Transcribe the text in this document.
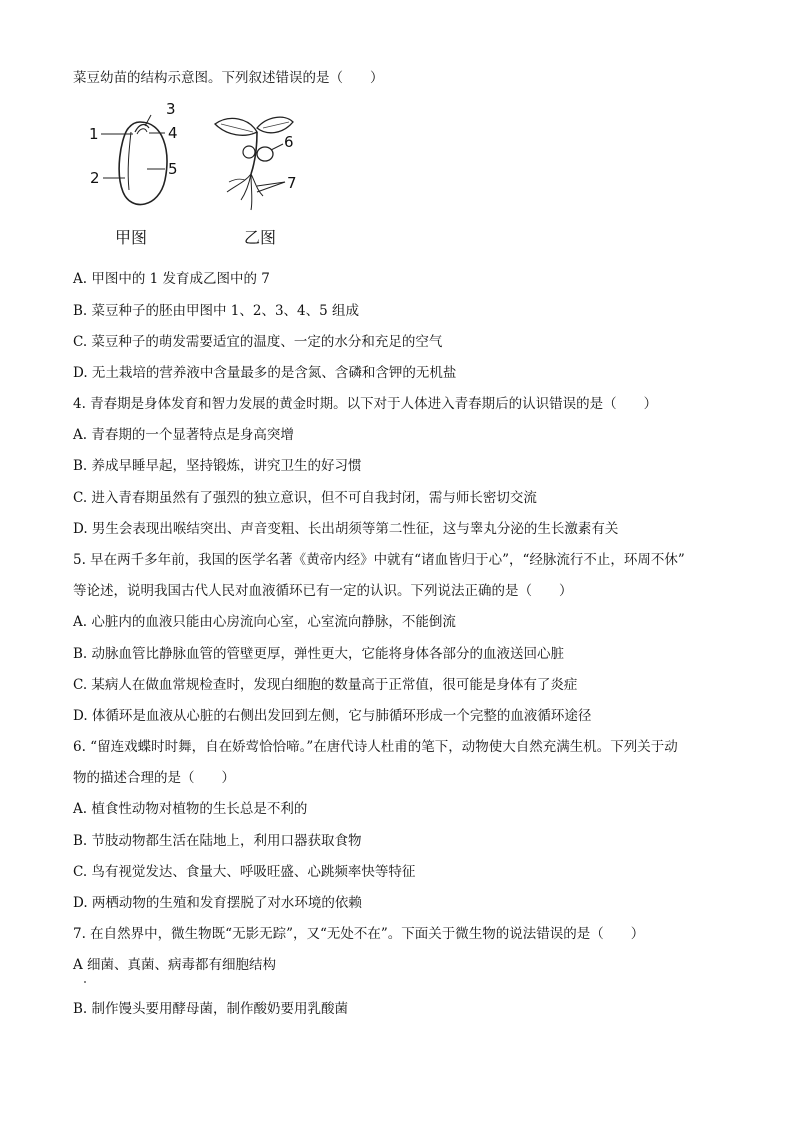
菜豆幼苗的结构示意图。下列叙述错误的是（　　）
1
2
3
4
5
甲图
6
7
乙图
A. 甲图中的 1 发育成乙图中的 7
B. 菜豆种子的胚由甲图中 1、2、3、4、5 组成
C. 菜豆种子的萌发需要适宜的温度、一定的水分和充足的空气
D. 无土栽培的营养液中含量最多的是含氮、含磷和含钾的无机盐
4. 青春期是身体发育和智力发展的黄金时期。以下对于人体进入青春期后的认识错误的是（　　）
A. 青春期的一个显著特点是身高突增
B. 养成早睡早起，坚持锻炼，讲究卫生的好习惯
C. 进入青春期虽然有了强烈的独立意识，但不可自我封闭，需与师长密切交流
D. 男生会表现出喉结突出、声音变粗、长出胡须等第二性征，这与睾丸分泌的生长激素有关
5. 早在两千多年前，我国的医学名著《黄帝内经》中就有“诸血皆归于心”，“经脉流行不止，环周不休”
等论述，说明我国古代人民对血液循环已有一定的认识。下列说法正确的是（　　）
A. 心脏内的血液只能由心房流向心室，心室流向静脉，不能倒流
B. 动脉血管比静脉血管的管壁更厚，弹性更大，它能将身体各部分的血液送回心脏
C. 某病人在做血常规检查时，发现白细胞的数量高于正常值，很可能是身体有了炎症
D. 体循环是血液从心脏的右侧出发回到左侧，它与肺循环形成一个完整的血液循环途径
6. “留连戏蝶时时舞，自在娇莺恰恰啼。”在唐代诗人杜甫的笔下，动物使大自然充满生机。下列关于动
物的描述合理的是（　　）
A. 植食性动物对植物的生长总是不利的
B. 节肢动物都生活在陆地上，利用口器获取食物
C. 鸟有视觉发达、食量大、呼吸旺盛、心跳频率快等特征
D. 两栖动物的生殖和发育摆脱了对水环境的依赖
7. 在自然界中，微生物既“无影无踪”，又“无处不在”。下面关于微生物的说法错误的是（　　）
A 细菌、真菌、病毒都有细胞结构
B. 制作馒头要用酵母菌，制作酸奶要用乳酸菌
